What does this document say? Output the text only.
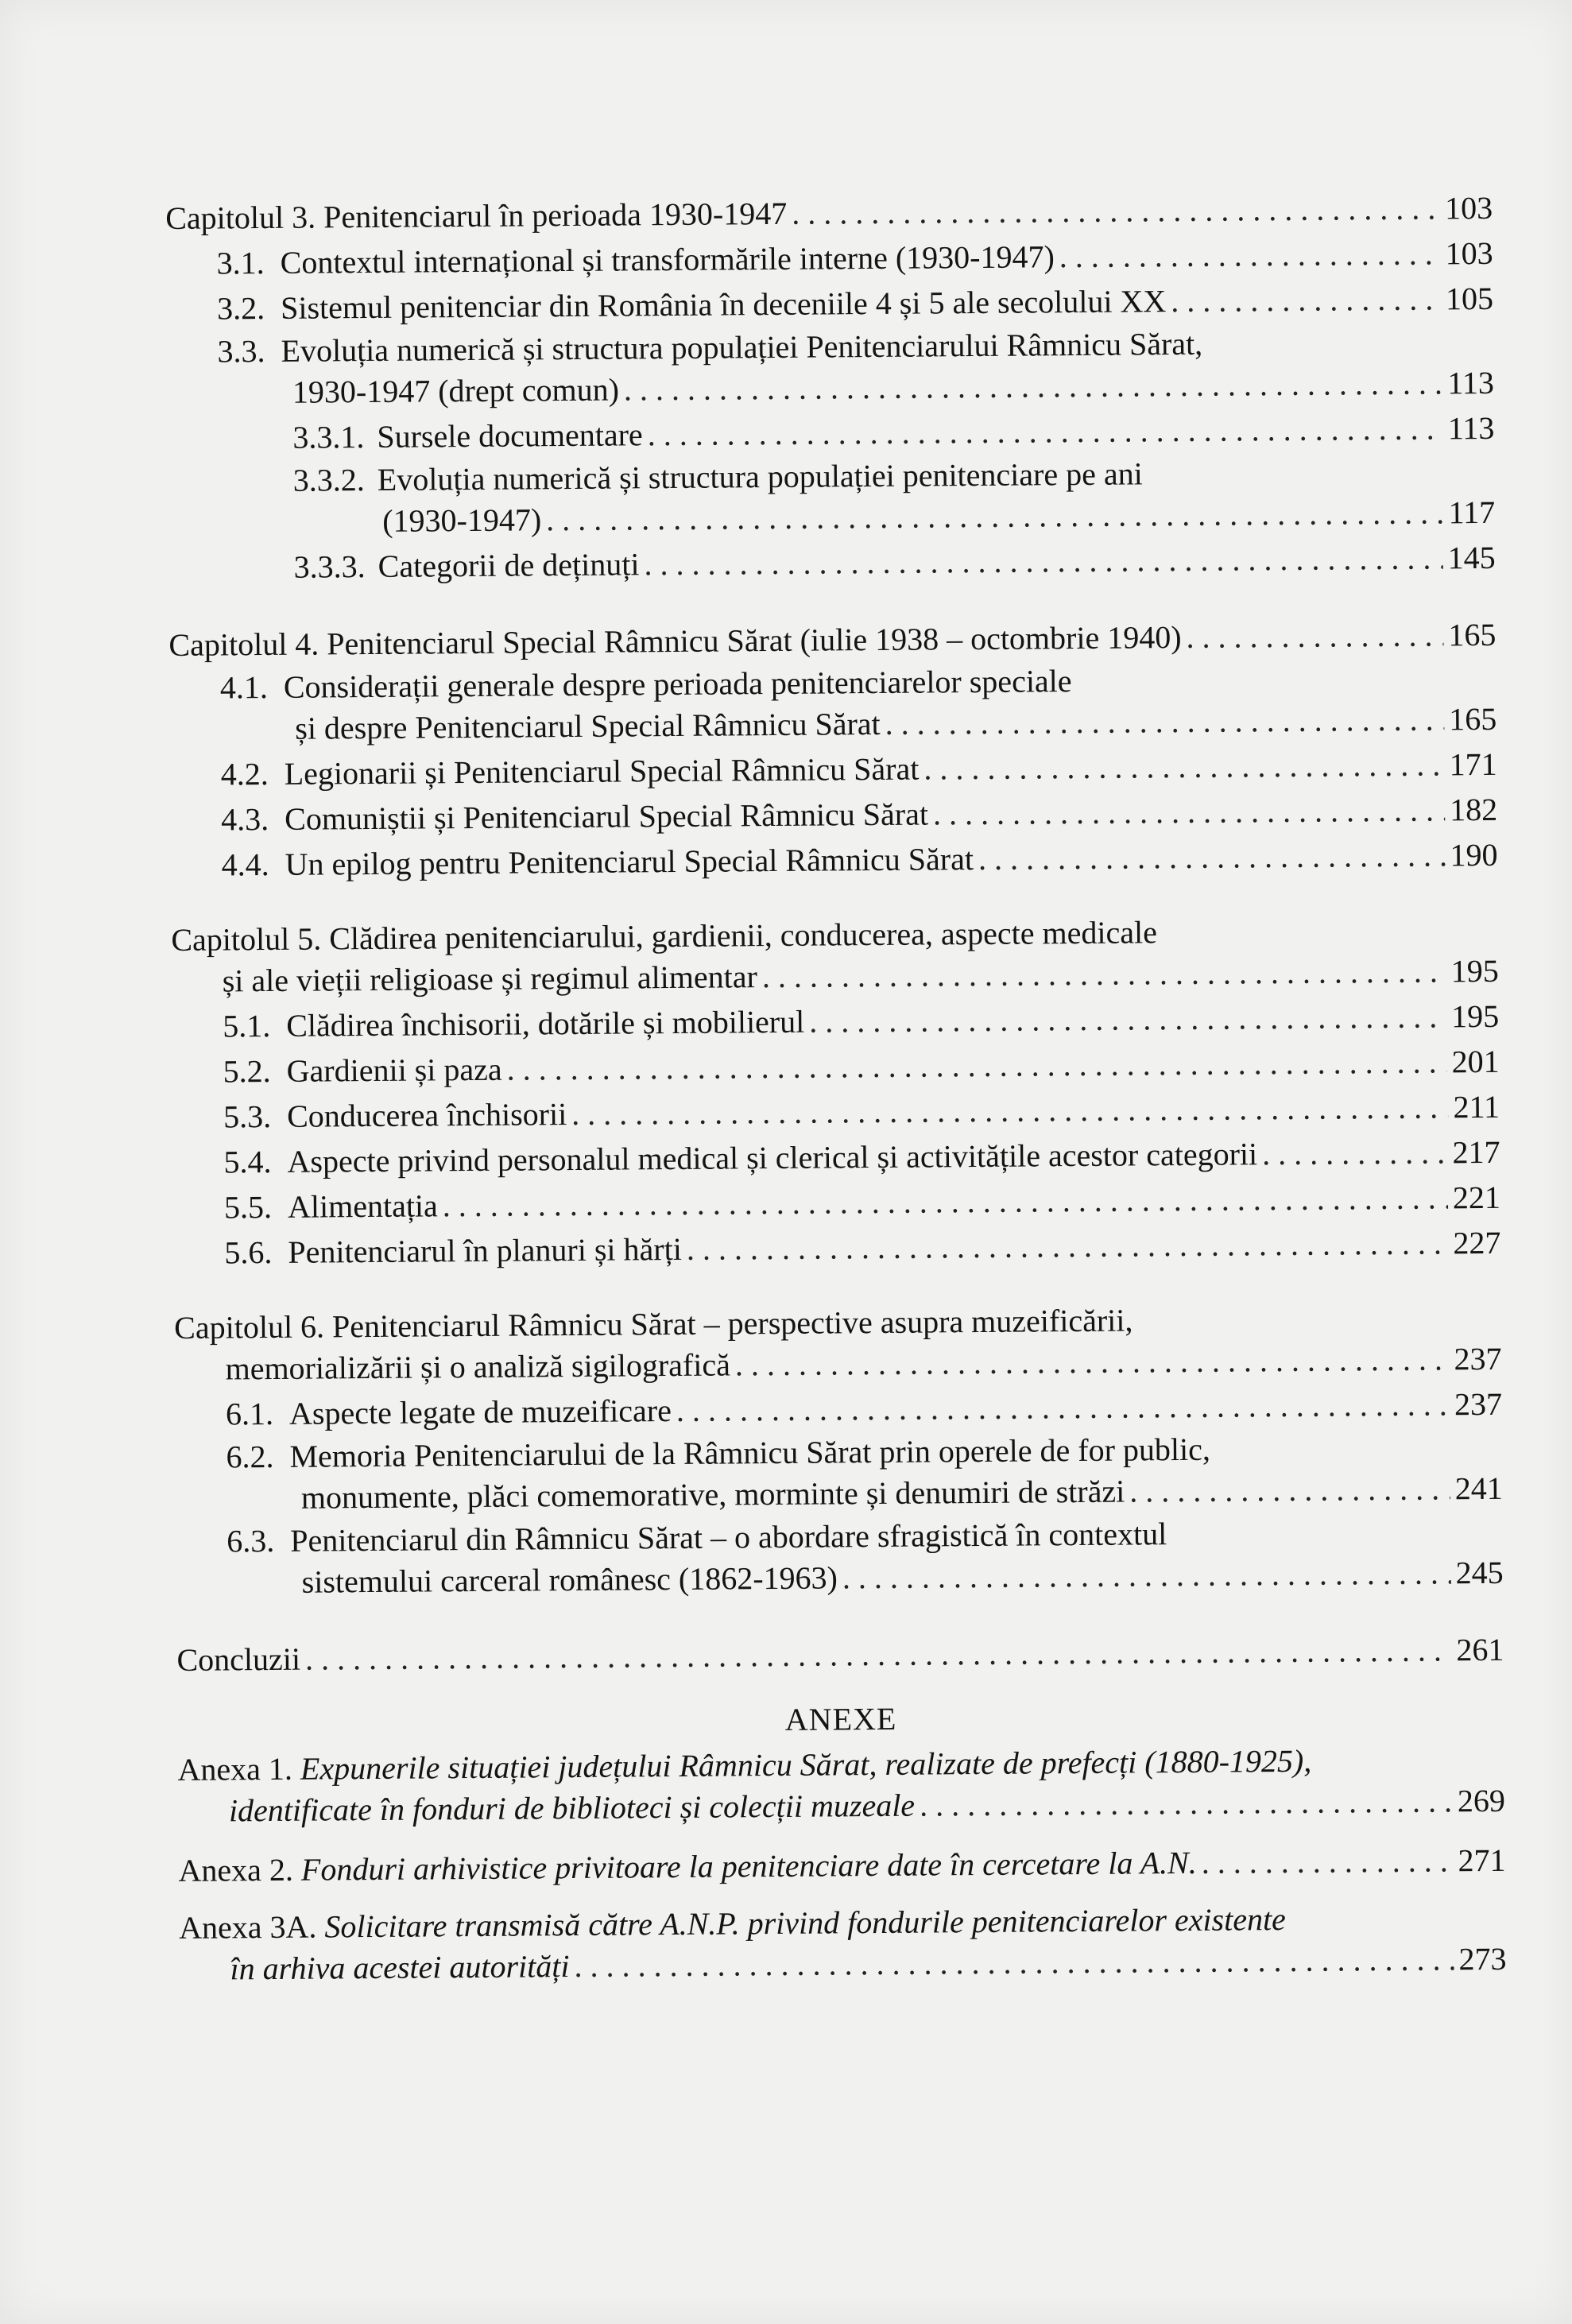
Capitolul 3. Penitenciarul în perioada 1930-1947 . . .	103
3.1. Contextul internațional și transformările interne (1930-1947) . . .	103
3.2. Sistemul penitenciar din România în deceniile 4 și 5 ale secolului XX . . .	105
3.3. Evoluția numerică și structura populației Penitenciarului Râmnicu Sărat,
1930-1947 (drept comun) . . .	113
3.3.1. Sursele documentare . . .	113
3.3.2. Evoluția numerică și structura populației penitenciare pe ani
(1930-1947) . . .	117
3.3.3. Categorii de deținuți . . .	145
Capitolul 4. Penitenciarul Special Râmnicu Sărat (iulie 1938 – octombrie 1940) . . .	165
4.1. Considerații generale despre perioada penitenciarelor speciale
și despre Penitenciarul Special Râmnicu Sărat . . .	165
4.2. Legionarii și Penitenciarul Special Râmnicu Sărat . . .	171
4.3. Comuniștii și Penitenciarul Special Râmnicu Sărat . . .	182
4.4. Un epilog pentru Penitenciarul Special Râmnicu Sărat . . .	190
Capitolul 5. Clădirea penitenciarului, gardienii, conducerea, aspecte medicale
și ale vieții religioase și regimul alimentar . . .	195
5.1. Clădirea închisorii, dotările și mobilierul . . .	195
5.2. Gardienii și paza . . .	201
5.3. Conducerea închisorii . . .	211
5.4. Aspecte privind personalul medical și clerical și activitățile acestor categorii . . .	217
5.5. Alimentația . . .	221
5.6. Penitenciarul în planuri și hărți . . .	227
Capitolul 6. Penitenciarul Râmnicu Sărat – perspective asupra muzeificării,
memorializării și o analiză sigilografică . . .	237
6.1. Aspecte legate de muzeificare . . .	237
6.2. Memoria Penitenciarului de la Râmnicu Sărat prin operele de for public,
monumente, plăci comemorative, morminte și denumiri de străzi . . .	241
6.3. Penitenciarul din Râmnicu Sărat – o abordare sfragistică în contextul
sistemului carceral românesc (1862-1963) . . .	245
Concluzii . . .	261
ANEXE
Anexa 1. Expunerile situației județului Râmnicu Sărat, realizate de prefecți (1880-1925),
identificate în fonduri de biblioteci și colecții muzeale . . .	269
Anexa 2. Fonduri arhivistice privitoare la penitenciare date în cercetare la A.N. . . .	271
Anexa 3A. Solicitare transmisă către A.N.P. privind fondurile penitenciarelor existente
în arhiva acestei autorități . . .	273
